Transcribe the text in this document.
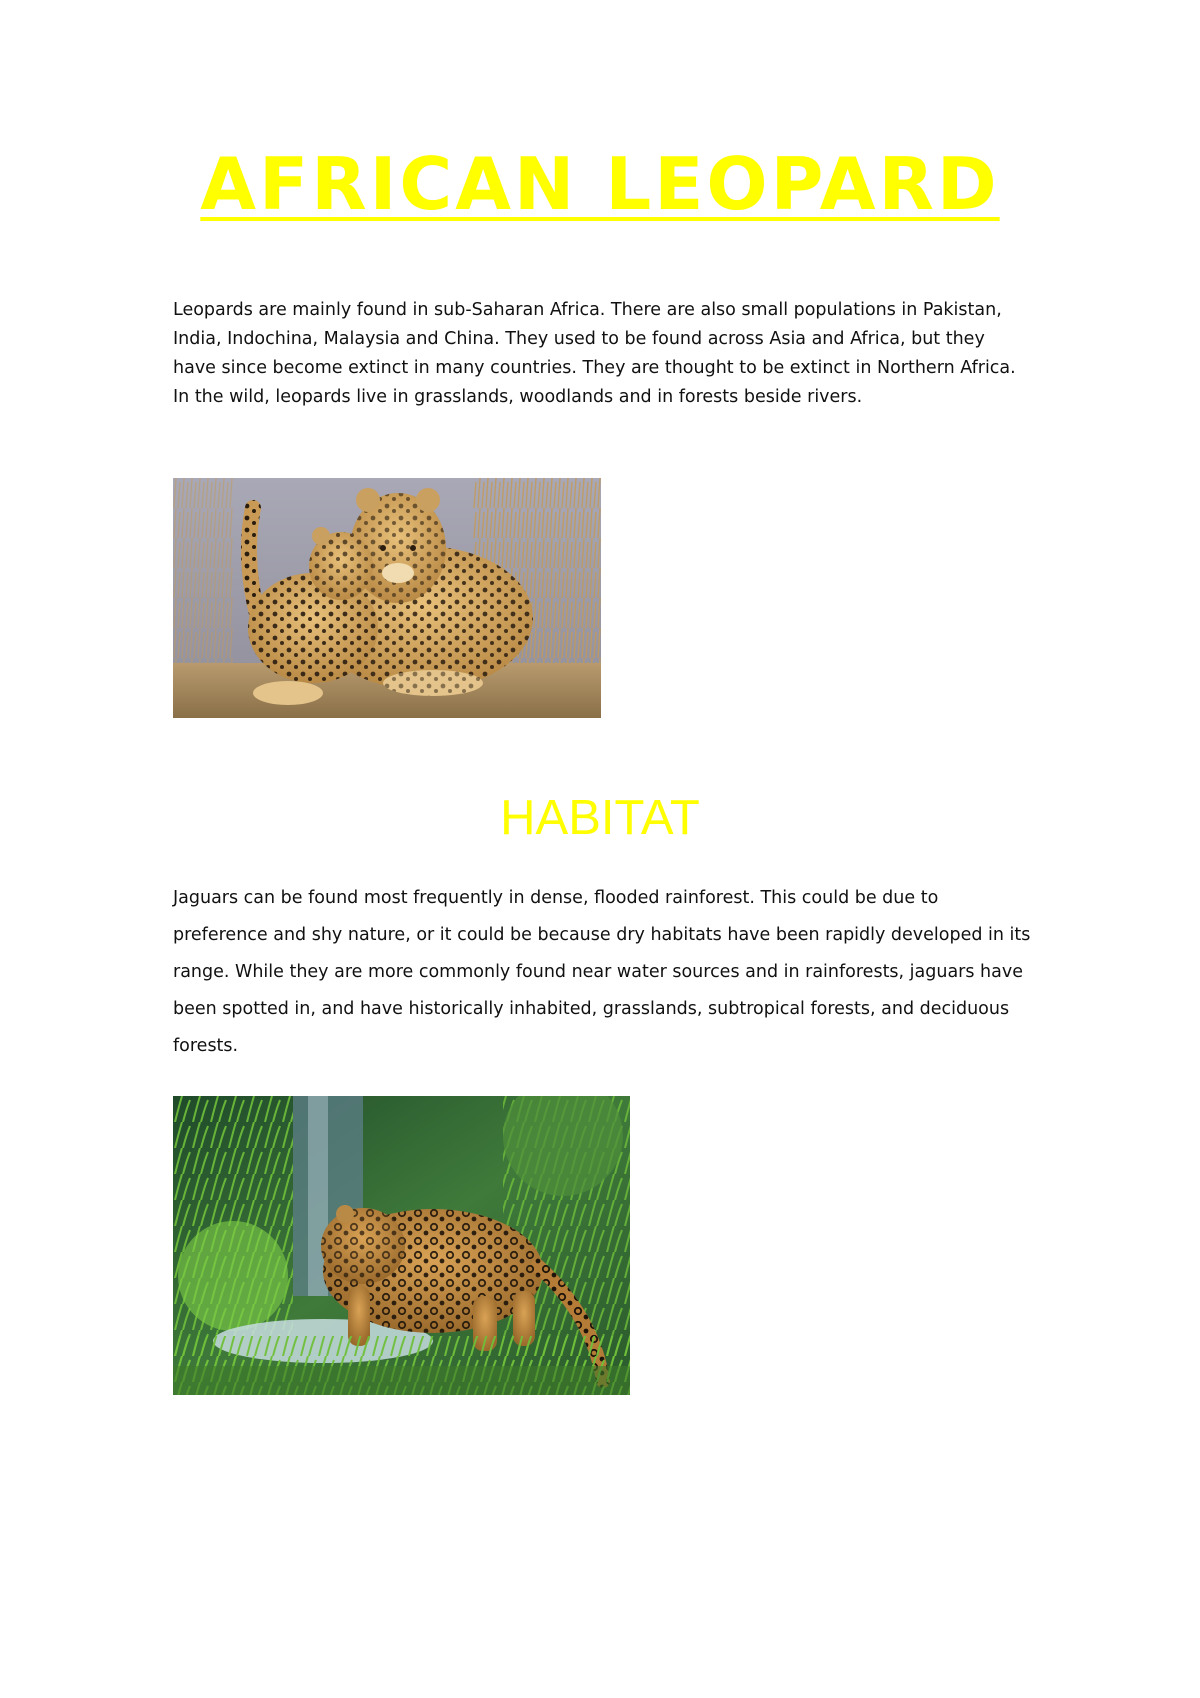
AFRICAN LEOPARD

Leopards are mainly found in sub-Saharan Africa. There are also small populations in Pakistan, India, Indochina, Malaysia and China. They used to be found across Asia and Africa, but they have since become extinct in many countries. They are thought to be extinct in Northern Africa. In the wild, leopards live in grasslands, woodlands and in forests beside rivers.

HABITAT

Jaguars can be found most frequently in dense, flooded rainforest. This could be due to preference and shy nature, or it could be because dry habitats have been rapidly developed in its range. While they are more commonly found near water sources and in rainforests, jaguars have been spotted in, and have historically inhabited, grasslands, subtropical forests, and deciduous forests.
